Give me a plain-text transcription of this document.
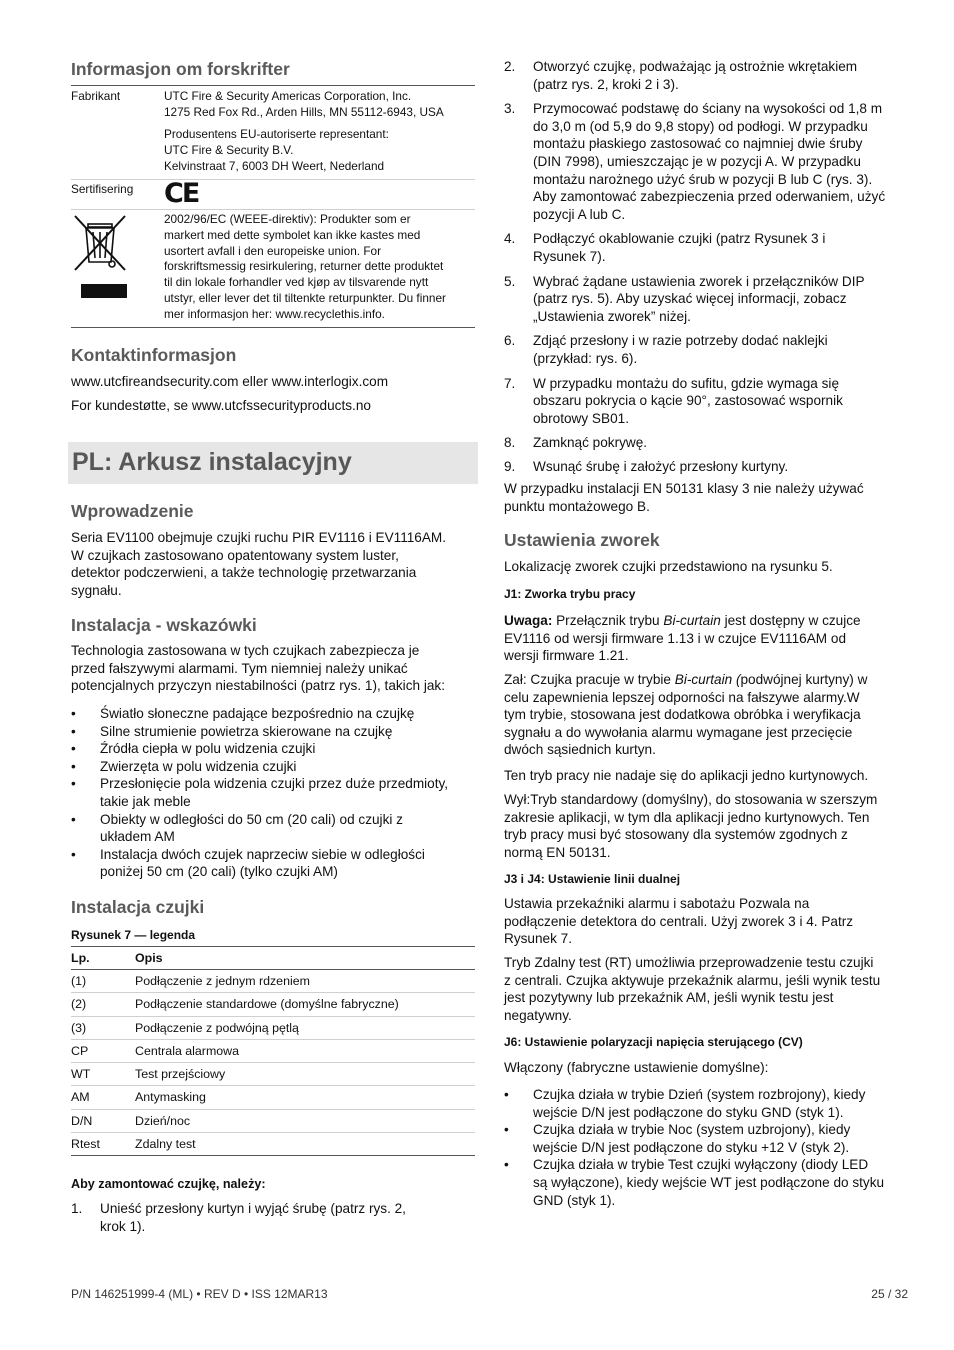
Informasjon om forskrifter
Fabrikant	UTC Fire & Security Americas Corporation, Inc.
1275 Red Fox Rd., Arden Hills, MN 55112-6943, USA
Produsentens EU-autoriserte representant:
UTC Fire & Security B.V.
Kelvinstraat 7, 6003 DH Weert, Nederland
Sertifisering CE
2002/96/EC (WEEE-direktiv): Produkter som er
markert med dette symbolet kan ikke kastes med
usortert avfall i den europeiske union. For
forskriftsmessig resirkulering, returner dette produktet
til din lokale forhandler ved kjøp av tilsvarende nytt
utstyr, eller lever det til tiltenkte returpunkter. Du finner
mer informasjon her: www.recyclethis.info.
Kontaktinformasjon
www.utcfireandsecurity.com eller www.interlogix.com
For kundestøtte, se www.utcfssecurityproducts.no
Wprowadzenie
Seria EV1100 obejmuje czujki ruchu PIR EV1116 i EV1116AM.
W czujkach zastosowano opatentowany system luster,
detektor podczerwieni, a także technologię przetwarzania
sygnału.
Instalacja - wskazówki
Technologia zastosowana w tych czujkach zabezpiecza je
przed fałszywymi alarmami. Tym niemniej należy unikać
potencjalnych przyczyn niestabilności (patrz rys. 1), takich jak:
• Światło słoneczne padające bezpośrednio na czujkę
• Silne strumienie powietrza skierowane na czujkę
• Źródła ciepła w polu widzenia czujki
• Zwierzęta w polu widzenia czujki
• Przesłonięcie pola widzenia czujki przez duże przedmioty,
takie jak meble
• Obiekty w odległości do 50 cm (20 cali) od czujki z
układem AM
• Instalacja dwóch czujek naprzeciw siebie w odległości
poniżej 50 cm (20 cali) (tylko czujki AM)
Instalacja czujki
Rysunek 7 — legenda
Lp.	Opis
(1)	Podłączenie z jednym rdzeniem
(2)	Podłączenie standardowe (domyślne fabryczne)
(3)	Podłączenie z podwójną pętlą
CP	Centrala alarmowa
WT	Test przejściowy
AM	Antymasking
D/N	Dzień/noc
Rtest	Zdalny test
Aby zamontować czujkę, należy:
1. Unieść przesłony kurtyn i wyjąć śrubę (patrz rys. 2,
krok 1).
PL: Arkusz instalacyjny
2. Otworzyć czujkę, podważając ją ostrożnie wkrętakiem
(patrz rys. 2, kroki 2 i 3).
3. Przymocować podstawę do ściany na wysokości od 1,8 m
do 3,0 m (od 5,9 do 9,8 stopy) od podłogi. W przypadku
montażu płaskiego zastosować co najmniej dwie śruby
(DIN 7998), umieszczając je w pozycji A. W przypadku
montażu narożnego użyć śrub w pozycji B lub C (rys. 3).
Aby zamontować zabezpieczenia przed oderwaniem, użyć
pozycji A lub C.
4. Podłączyć okablowanie czujki (patrz Rysunek 3 i
Rysunek 7).
5. Wybrać żądane ustawienia zworek i przełączników DIP
(patrz rys. 5). Aby uzyskać więcej informacji, zobacz
„Ustawienia zworek” niżej.
6. Zdjąć przesłony i w razie potrzeby dodać naklejki
(przykład: rys. 6).
7. W przypadku montażu do sufitu, gdzie wymaga się
obszaru pokrycia o kącie 90°, zastosować wspornik
obrotowy SB01.
8. Zamknąć pokrywę.
9. Wsunąć śrubę i założyć przesłony kurtyny.
W przypadku instalacji EN 50131 klasy 3 nie należy używać
punktu montażowego B.
Ustawienia zworek
Lokalizację zworek czujki przedstawiono na rysunku 5.
J1: Zworka trybu pracy
Uwaga: Przełącznik trybu Bi-curtain jest dostępny w czujce
EV1116 od wersji firmware 1.13 i w czujce EV1116AM od
wersji firmware 1.21.
Zał: Czujka pracuje w trybie Bi-curtain (podwójnej kurtyny) w
celu zapewnienia lepszej odporności na fałszywe alarmy.W
tym trybie, stosowana jest dodatkowa obróbka i weryfikacja
sygnału a do wywołania alarmu wymagane jest przecięcie
dwóch sąsiednich kurtyn.
Ten tryb pracy nie nadaje się do aplikacji jedno kurtynowych.
Wył:Tryb standardowy (domyślny), do stosowania w szerszym
zakresie aplikacji, w tym dla aplikacji jedno kurtynowych. Ten
tryb pracy musi być stosowany dla systemów zgodnych z
normą EN 50131.
J3 i J4: Ustawienie linii dualnej
Ustawia przekaźniki alarmu i sabotażu Pozwala na
podłączenie detektora do centrali. Użyj zworek 3 i 4. Patrz
Rysunek 7.
Tryb Zdalny test (RT) umożliwia przeprowadzenie testu czujki
z centrali. Czujka aktywuje przekaźnik alarmu, jeśli wynik testu
jest pozytywny lub przekaźnik AM, jeśli wynik testu jest
negatywny.
J6: Ustawienie polaryzacji napięcia sterującego (CV)
Włączony (fabryczne ustawienie domyślne):
• Czujka działa w trybie Dzień (system rozbrojony), kiedy
wejście D/N jest podłączone do styku GND (styk 1).
• Czujka działa w trybie Noc (system uzbrojony), kiedy
wejście D/N jest podłączone do styku +12 V (styk 2).
• Czujka działa w trybie Test czujki wyłączony (diody LED
są wyłączone), kiedy wejście WT jest podłączone do styku
GND (styk 1).
P/N 146251999-4 (ML) • REV D • ISS 12MAR13	25 / 32
